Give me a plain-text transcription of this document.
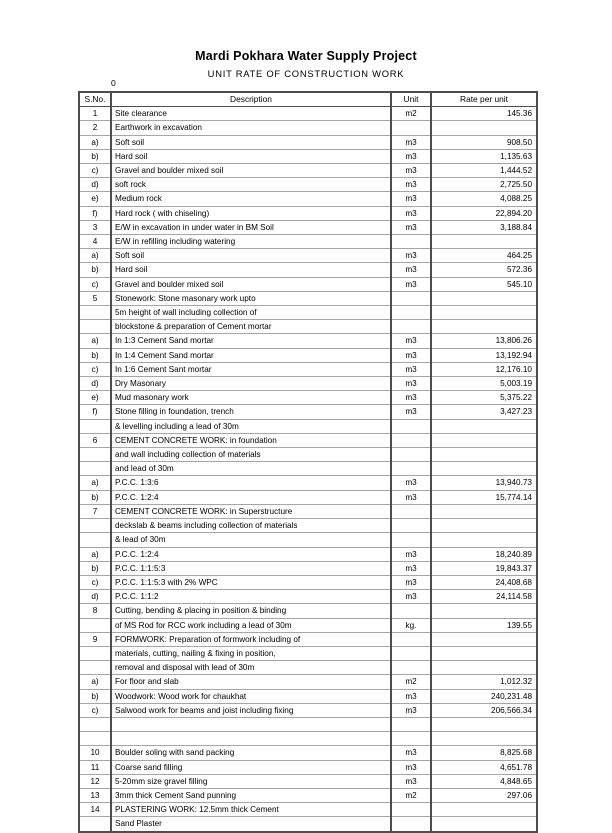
Mardi Pokhara Water Supply Project
UNIT RATE OF CONSTRUCTION WORK
0
S.No.	Description	Unit	Rate per unit
1	Site clearance	m2	145.36
2	Earthwork in excavation		
a)	Soft soil	m3	908.50
b)	Hard soil	m3	1,135.63
c)	Gravel and boulder mixed soil	m3	1,444.52
d)	soft rock	m3	2,725.50
e)	Medium rock	m3	4,088.25
f)	Hard rock ( with chiseling)	m3	22,894.20
3	E/W in excavation in under water in BM Soil	m3	3,188.84
4	E/W in refilling including watering		
a)	Soft soil	m3	464.25
b)	Hard soil	m3	572.36
c)	Gravel and boulder mixed soil	m3	545.10
5	Stonework: Stone masonary work upto		
	5m height of wall including collection of		
	blockstone & preparation of Cement mortar		
a)	In 1:3 Cement Sand mortar	m3	13,806.26
b)	In 1:4 Cement Sand mortar	m3	13,192.94
c)	In 1:6 Cement Sant mortar	m3	12,176.10
d)	Dry Masonary	m3	5,003.19
e)	Mud masonary work	m3	5,375.22
f)	Stone filling in foundation, trench	m3	3,427.23
	& levelling including a lead of 30m		
6	CEMENT CONCRETE WORK: in foundation		
	and wall including collection of materials		
	and lead of 30m		
a)	P.C.C. 1:3:6	m3	13,940.73
b)	P.C.C. 1:2:4	m3	15,774.14
7	CEMENT CONCRETE WORK: in Superstructure		
	deckslab & beams including collection of materials		
	& lead of 30m		
a)	P.C.C. 1:2:4	m3	18,240.89
b)	P.C.C. 1:1:5:3	m3	19,843.37
c)	P.C.C. 1:1:5:3 with 2% WPC	m3	24,408.68
d)	P.C.C. 1:1:2	m3	24,114.58
8	Cutting, bending & placing in position & binding		
	of MS Rod for RCC work including a lead of 30m	kg.	139.55
9	FORMWORK: Preparation of formwork including of		
	materials, cutting, nailing & fixing in position,		
	removal and disposal with lead of 30m		
a)	For floor and slab	m2	1,012.32
b)	Woodwork: Wood work for chaukhat	m3	240,231.48
c)	Salwood work for beams and joist including fixing	m3	206,566.34

10	Boulder soling with sand packing	m3	8,825.68
11	Coarse sand filling	m3	4,651.78
12	5-20mm size gravel filling	m3	4,848.65
13	3mm thick Cement Sand punning	m2	297.06
14	PLASTERING WORK: 12.5mm thick Cement		
	Sand Plaster		
